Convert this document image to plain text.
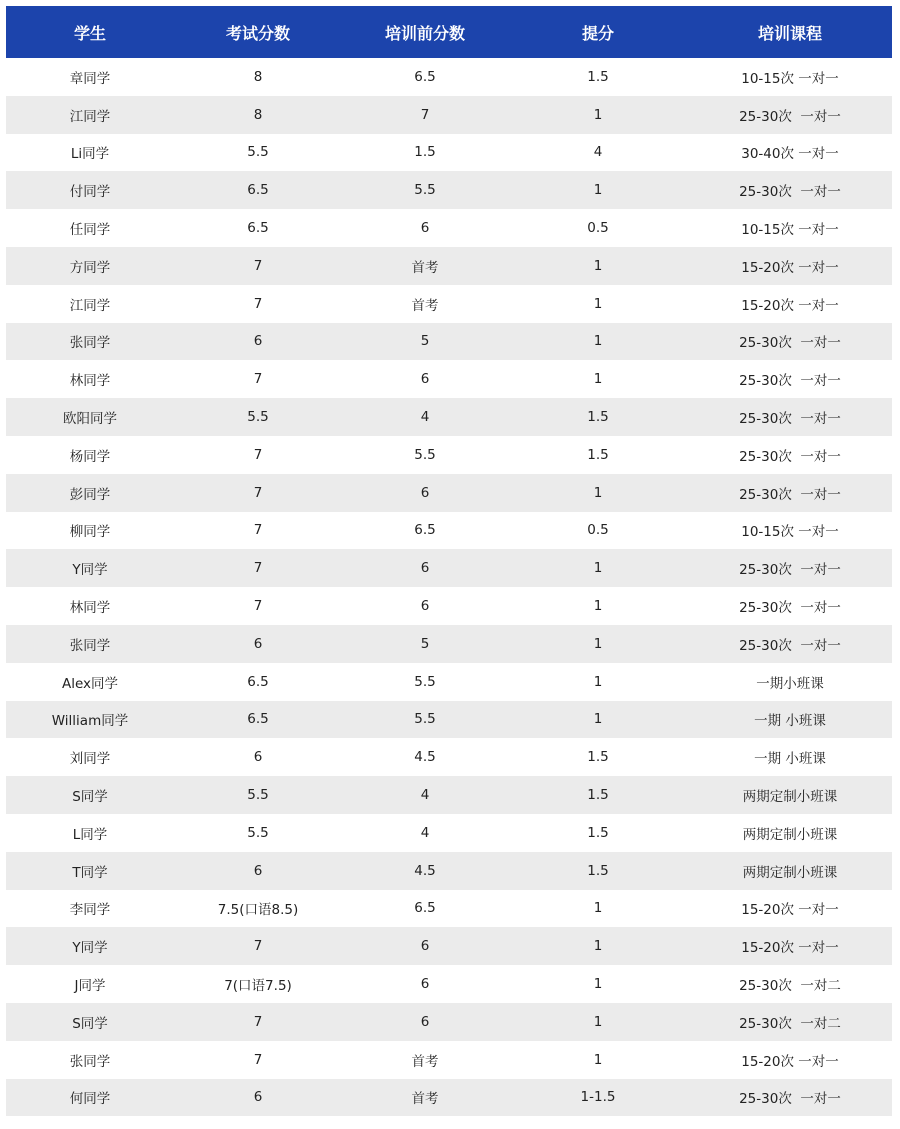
学生	考试分数	培训前分数	提分	培训课程
章同学	8	6.5	1.5	10-15次 一对一
江同学	8	7	1	25-30次  一对一
Li同学	5.5	1.5	4	30-40次 一对一
付同学	6.5	5.5	1	25-30次  一对一
任同学	6.5	6	0.5	10-15次 一对一
方同学	7	首考	1	15-20次 一对一
江同学	7	首考	1	15-20次 一对一
张同学	6	5	1	25-30次  一对一
林同学	7	6	1	25-30次  一对一
欧阳同学	5.5	4	1.5	25-30次  一对一
杨同学	7	5.5	1.5	25-30次  一对一
彭同学	7	6	1	25-30次  一对一
柳同学	7	6.5	0.5	10-15次 一对一
Y同学	7	6	1	25-30次  一对一
林同学	7	6	1	25-30次  一对一
张同学	6	5	1	25-30次  一对一
Alex同学	6.5	5.5	1	一期小班课
William同学	6.5	5.5	1	一期 小班课
刘同学	6	4.5	1.5	一期 小班课
S同学	5.5	4	1.5	两期定制小班课
L同学	5.5	4	1.5	两期定制小班课
T同学	6	4.5	1.5	两期定制小班课
李同学	7.5(口语8.5)	6.5	1	15-20次 一对一
Y同学	7	6	1	15-20次 一对一
J同学	7(口语7.5)	6	1	25-30次  一对二
S同学	7	6	1	25-30次  一对二
张同学	7	首考	1	15-20次 一对一
何同学	6	首考	1-1.5	25-30次  一对一
